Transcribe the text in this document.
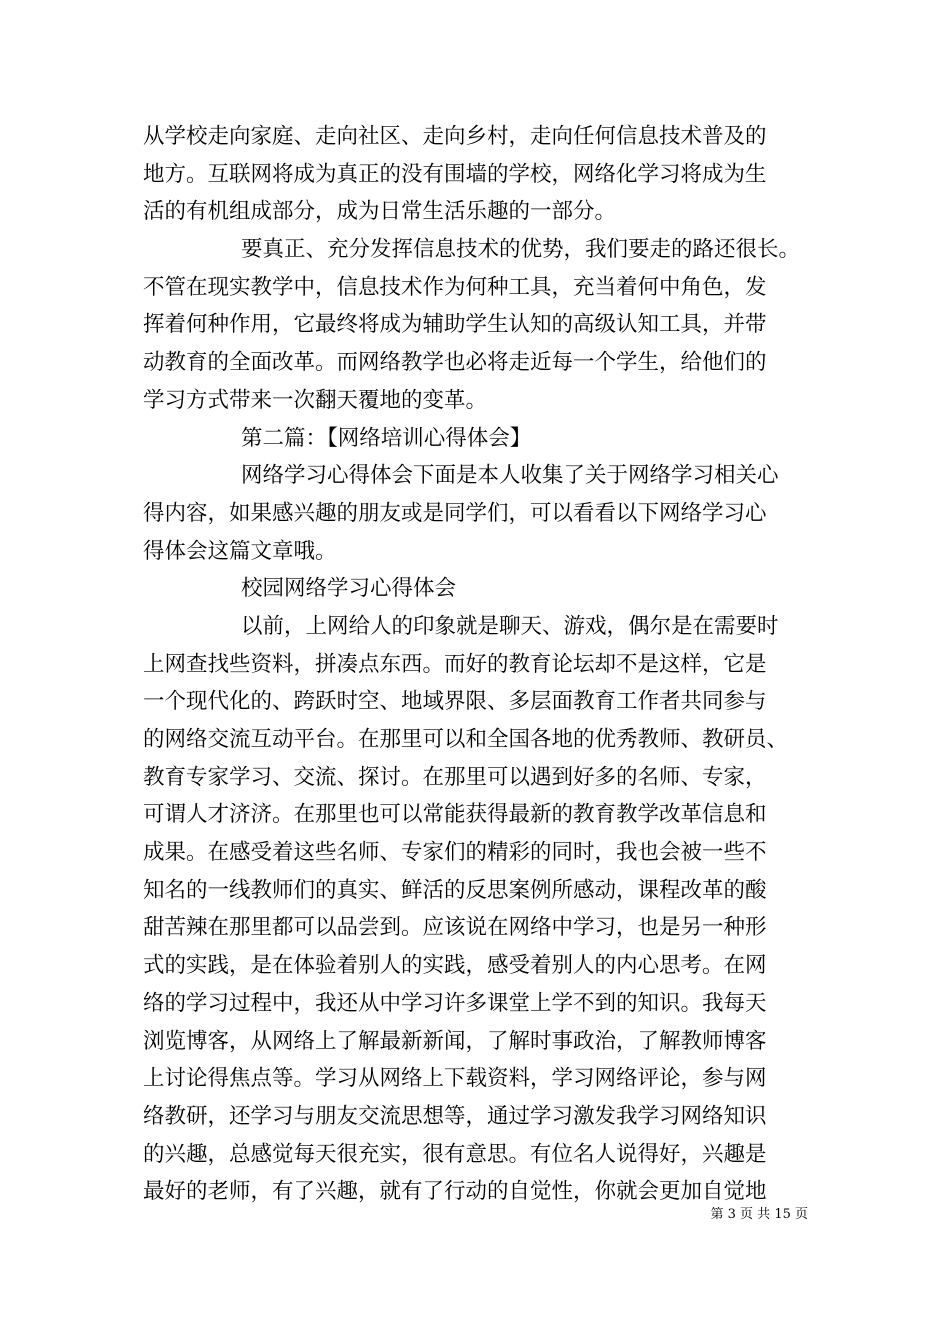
从学校走向家庭、走向社区、走向乡村，走向任何信息技术普及的
地方。互联网将成为真正的没有围墙的学校，网络化学习将成为生
活的有机组成部分，成为日常生活乐趣的一部分。
要真正、充分发挥信息技术的优势，我们要走的路还很长。
不管在现实教学中，信息技术作为何种工具，充当着何中角色，发
挥着何种作用，它最终将成为辅助学生认知的高级认知工具，并带
动教育的全面改革。而网络教学也必将走近每一个学生，给他们的
学习方式带来一次翻天覆地的变革。
第二篇：【网络培训心得体会】
网络学习心得体会下面是本人收集了关于网络学习相关心
得内容，如果感兴趣的朋友或是同学们，可以看看以下网络学习心
得体会这篇文章哦。
校园网络学习心得体会
以前，上网给人的印象就是聊天、游戏，偶尔是在需要时
上网查找些资料，拼凑点东西。而好的教育论坛却不是这样，它是
一个现代化的、跨跃时空、地域界限、多层面教育工作者共同参与
的网络交流互动平台。在那里可以和全国各地的优秀教师、教研员、
教育专家学习、交流、探讨。在那里可以遇到好多的名师、专家，
可谓人才济济。在那里也可以常能获得最新的教育教学改革信息和
成果。在感受着这些名师、专家们的精彩的同时，我也会被一些不
知名的一线教师们的真实、鲜活的反思案例所感动，课程改革的酸
甜苦辣在那里都可以品尝到。应该说在网络中学习，也是另一种形
式的实践，是在体验着别人的实践，感受着别人的内心思考。在网
络的学习过程中，我还从中学习许多课堂上学不到的知识。我每天
浏览博客，从网络上了解最新新闻，了解时事政治，了解教师博客
上讨论得焦点等。学习从网络上下载资料，学习网络评论，参与网
络教研，还学习与朋友交流思想等，通过学习激发我学习网络知识
的兴趣，总感觉每天很充实，很有意思。有位名人说得好，兴趣是
最好的老师，有了兴趣，就有了行动的自觉性，你就会更加自觉地
第 3 页 共 15 页
